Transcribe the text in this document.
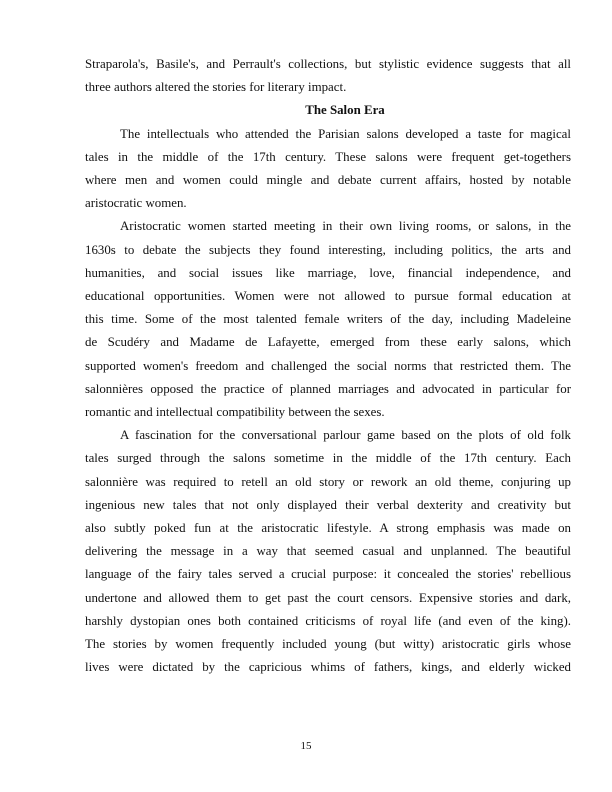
Straparola's, Basile's, and Perrault's collections, but stylistic evidence suggests that all
three authors altered the stories for literary impact.
The Salon Era
The intellectuals who attended the Parisian salons developed a taste for magical
tales in the middle of the 17th century. These salons were frequent get-togethers
where men and women could mingle and debate current affairs, hosted by notable
aristocratic women.
Aristocratic women started meeting in their own living rooms, or salons, in the
1630s to debate the subjects they found interesting, including politics, the arts and
humanities, and social issues like marriage, love, financial independence, and
educational opportunities. Women were not allowed to pursue formal education at
this time. Some of the most talented female writers of the day, including Madeleine
de Scudéry and Madame de Lafayette, emerged from these early salons, which
supported women's freedom and challenged the social norms that restricted them. The
salonnières opposed the practice of planned marriages and advocated in particular for
romantic and intellectual compatibility between the sexes.
A fascination for the conversational parlour game based on the plots of old folk
tales surged through the salons sometime in the middle of the 17th century. Each
salonnière was required to retell an old story or rework an old theme, conjuring up
ingenious new tales that not only displayed their verbal dexterity and creativity but
also subtly poked fun at the aristocratic lifestyle. A strong emphasis was made on
delivering the message in a way that seemed casual and unplanned. The beautiful
language of the fairy tales served a crucial purpose: it concealed the stories' rebellious
undertone and allowed them to get past the court censors. Expensive stories and dark,
harshly dystopian ones both contained criticisms of royal life (and even of the king).
The stories by women frequently included young (but witty) aristocratic girls whose
lives were dictated by the capricious whims of fathers, kings, and elderly wicked
15
